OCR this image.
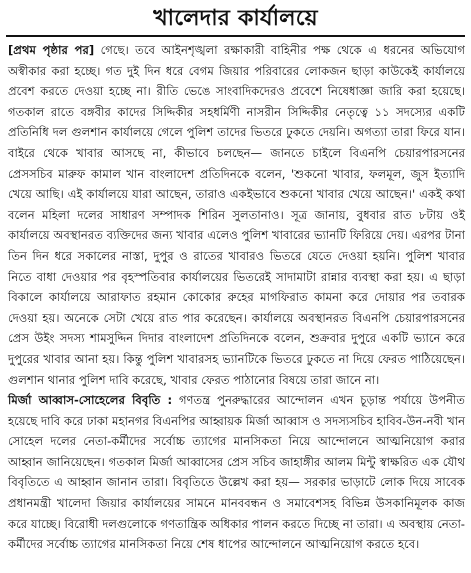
খালেদার কার্যালয়ে

[প্রথম পৃষ্ঠার পর] গেছে। তবে আইনশৃঙ্খলা রক্ষাকারী বাহিনীর পক্ষ থেকে এ ধরনের অভিযোগ অস্বীকার করা হচ্ছে। গত দুই দিন ধরে বেগম জিয়ার পরিবারের লোকজন ছাড়া কাউকেই কার্যালয়ে প্রবেশ করতে দেওয়া হচ্ছে না। রীতি ভেঙে সাংবাদিকদেরও প্রবেশে নিষেধাজ্ঞা জারি করা হয়েছে। গতকাল রাতে বঙ্গবীর কাদের সিদ্দিকীর সহধর্মিণী নাসরীন সিদ্দিকীর নেতৃত্বে ১১ সদস্যের একটি প্রতিনিধি দল গুলশান কার্যালয়ে গেলে পুলিশ তাদের ভিতরে ঢুকতে দেয়নি। অগত্যা তারা ফিরে যান। বাইরে থেকে খাবার আসছে না, কীভাবে চলছেন— জানতে চাইলে বিএনপি চেয়ারপারসনের প্রেসসচিব মারুফ কামাল খান বাংলাদেশ প্রতিদিনকে বলেন, 'শুকনো খাবার, ফলমূল, জুস ইত্যাদি খেয়ে আছি। এই কার্যালয়ে যারা আছেন, তারাও একইভাবে শুকনো খাবার খেয়ে আছেন।' একই কথা বলেন মহিলা দলের সাধারণ সম্পাদক শিরিন সুলতানাও। সূত্র জানায়, বুধবার রাত ৮টায় ওই কার্যালয়ে অবস্থানরত ব্যক্তিদের জন্য খাবার এলেও পুলিশ খাবারের ভ্যানটি ফিরিয়ে দেয়। এরপর টানা তিন দিন ধরে সকালের নাস্তা, দুপুর ও রাতের খাবারও ভিতরে যেতে দেওয়া হয়নি। পুলিশ খাবার নিতে বাধা দেওয়ার পর বৃহস্পতিবার কার্যালয়ের ভিতরেই সাদামাটা রান্নার ব্যবস্থা করা হয়। এ ছাড়া বিকালে কার্যালয়ে আরাফাত রহমান কোকোর রুহের মাগফিরাত কামনা করে দোয়ার পর তবারক দেওয়া হয়। অনেকে সেটা খেয়ে রাত পার করেছেন। কার্যালয়ে অবস্থানরত বিএনপি চেয়ারপারসনের প্রেস উইং সদস্য শামসুদ্দিন দিদার বাংলাদেশ প্রতিদিনকে বলেন, শুক্রবার দুপুরে একটি ভ্যানে করে দুপুরের খাবার আনা হয়। কিন্তু পুলিশ খাবারসহ ভ্যানটিকে ভিতরে ঢুকতে না দিয়ে ফেরত পাঠিয়েছেন। গুলশান থানার পুলিশ দাবি করেছে, খাবার ফেরত পাঠানোর বিষয়ে তারা জানে না।

মির্জা আব্বাস-সোহেলের বিবৃতি : গণতন্ত্র পুনরুদ্ধারের আন্দোলন এখন চূড়ান্ত পর্যায়ে উপনীত হয়েছে দাবি করে ঢাকা মহানগর বিএনপির আহ্বায়ক মির্জা আব্বাস ও সদস্যসচিব হাবিব-উন-নবী খান সোহেল দলের নেতা-কর্মীদের সর্বোচ্চ ত্যাগের মানসিকতা নিয়ে আন্দোলনে আত্মনিয়োগ করার আহ্বান জানিয়েছেন। গতকাল মির্জা আব্বাসের প্রেস সচিব জাহাঙ্গীর আলম মিন্টু স্বাক্ষরিত এক যৌথ বিবৃতিতে এ আহ্বান জানান তারা। বিবৃতিতে উল্লেখ করা হয়— সরকার ভাড়াটে লোক দিয়ে সাবেক প্রধানমন্ত্রী খালেদা জিয়ার কার্যালয়ের সামনে মানববন্ধন ও সমাবেশসহ বিভিন্ন উসকানিমূলক কাজ করে যাচ্ছে। বিরোধী দলগুলোকে গণতান্ত্রিক অধিকার পালন করতে দিচ্ছে না তারা। এ অবস্থায় নেতা-কর্মীদের সর্বোচ্চ ত্যাগের মানসিকতা নিয়ে শেষ ধাপের আন্দোলনে আত্মনিয়োগ করতে হবে।
